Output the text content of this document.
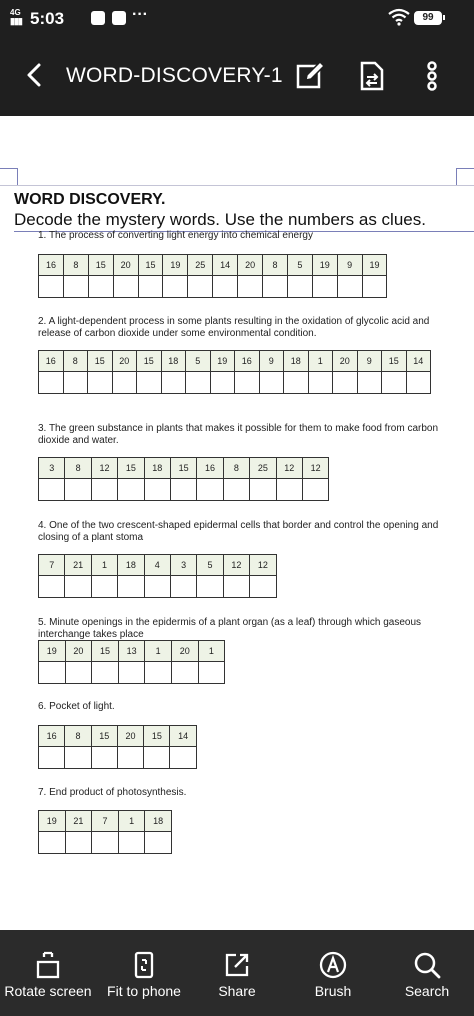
4G
▮▮▮ 5:03	···	99
WORD-DISCOVERY-1
WORD DISCOVERY.
Decode the mystery words. Use the numbers as clues.
1. The process of converting light energy into chemical energy
16	8	15	20	15	19	25	14	20	8	5	19	9	19

2. A light-dependent process in some plants resulting in the oxidation of glycolic acid and release of carbon dioxide under some environmental condition.
16	8	15	20	15	18	5	19	16	9	18	1	20	9	15	14

3. The green substance in plants that makes it possible for them to make food from carbon dioxide and water.
3	8	12	15	18	15	16	8	25	12	12

4. One of the two crescent-shaped epidermal cells that border and control the opening and closing of a plant stoma
7	21	1	18	4	3	5	12	12

5. Minute openings in the epidermis of a plant organ (as a leaf) through which gaseous interchange takes place
19	20	15	13	1	20	1

6. Pocket of light.
16	8	15	20	15	14

7. End product of photosynthesis.
19	21	7	1	18

Rotate screen	Fit to phone	Share	Brush	Search
